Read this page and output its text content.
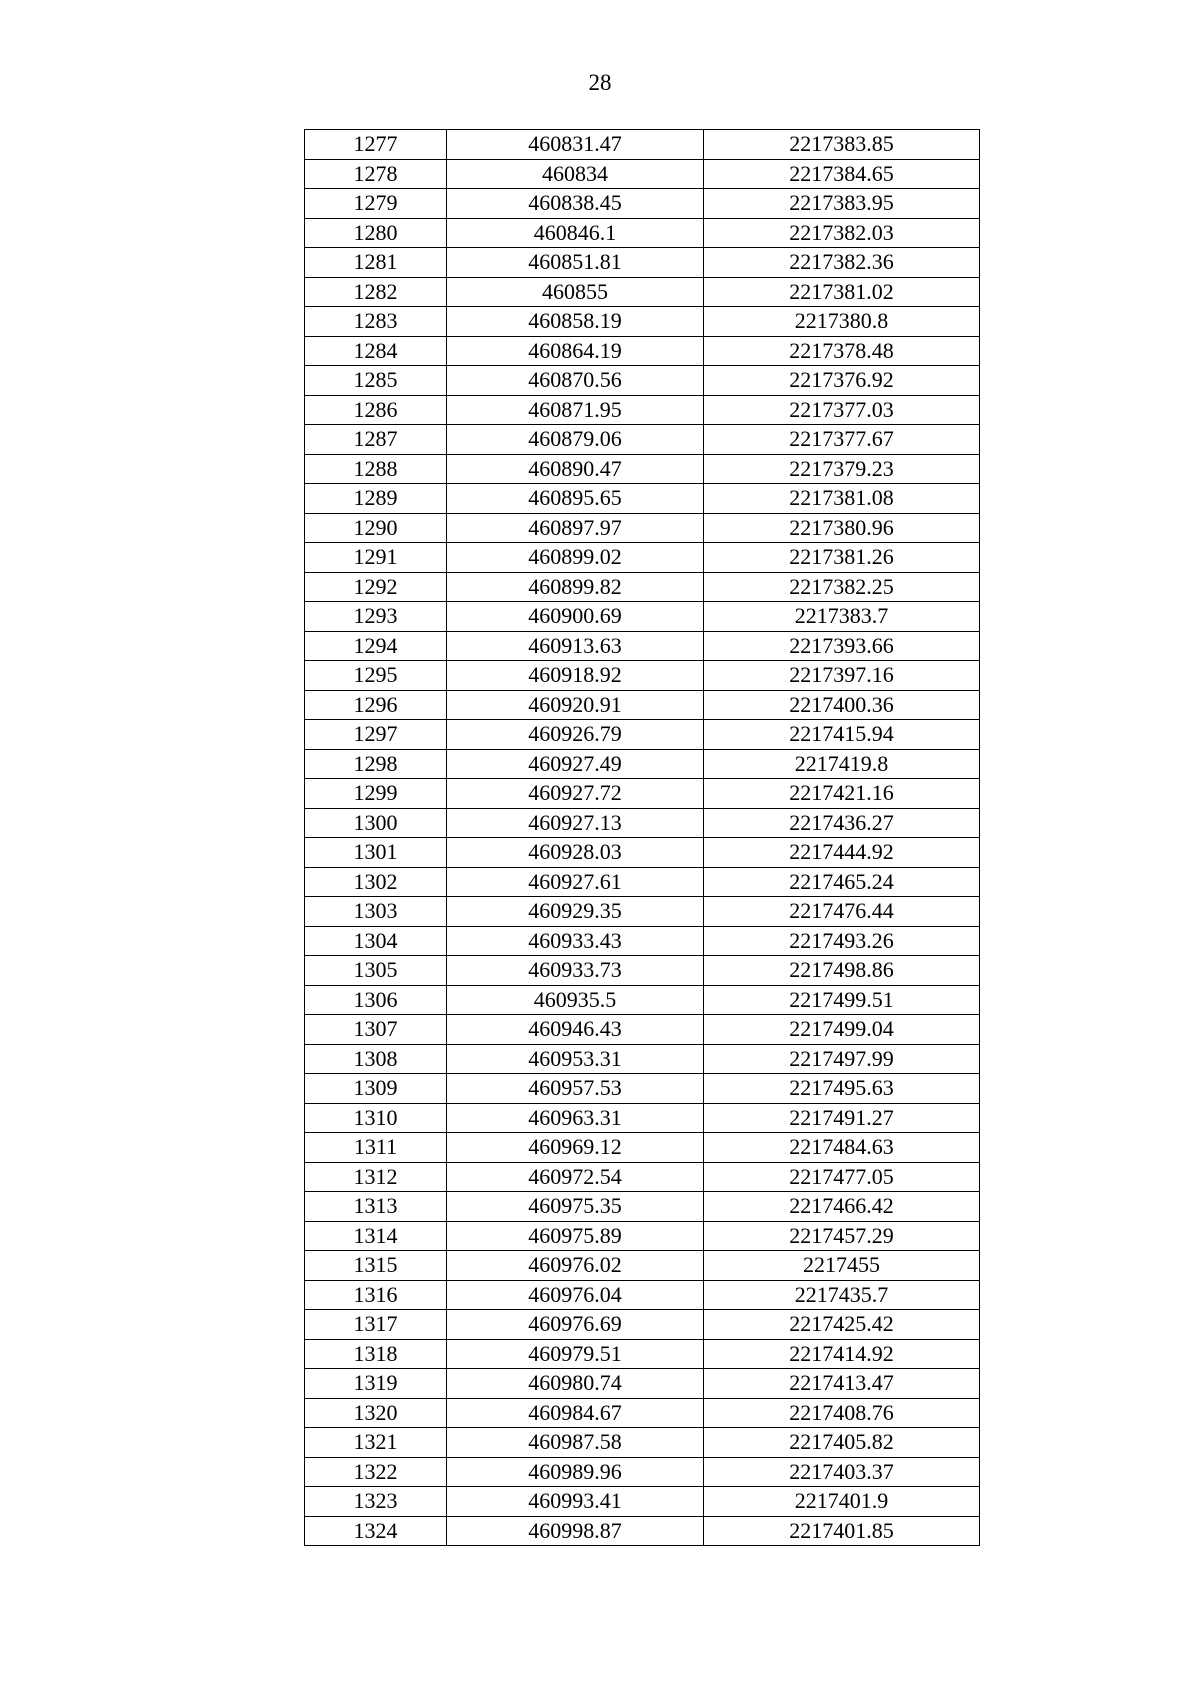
28
1277	460831.47	2217383.85
1278	460834	2217384.65
1279	460838.45	2217383.95
1280	460846.1	2217382.03
1281	460851.81	2217382.36
1282	460855	2217381.02
1283	460858.19	2217380.8
1284	460864.19	2217378.48
1285	460870.56	2217376.92
1286	460871.95	2217377.03
1287	460879.06	2217377.67
1288	460890.47	2217379.23
1289	460895.65	2217381.08
1290	460897.97	2217380.96
1291	460899.02	2217381.26
1292	460899.82	2217382.25
1293	460900.69	2217383.7
1294	460913.63	2217393.66
1295	460918.92	2217397.16
1296	460920.91	2217400.36
1297	460926.79	2217415.94
1298	460927.49	2217419.8
1299	460927.72	2217421.16
1300	460927.13	2217436.27
1301	460928.03	2217444.92
1302	460927.61	2217465.24
1303	460929.35	2217476.44
1304	460933.43	2217493.26
1305	460933.73	2217498.86
1306	460935.5	2217499.51
1307	460946.43	2217499.04
1308	460953.31	2217497.99
1309	460957.53	2217495.63
1310	460963.31	2217491.27
1311	460969.12	2217484.63
1312	460972.54	2217477.05
1313	460975.35	2217466.42
1314	460975.89	2217457.29
1315	460976.02	2217455
1316	460976.04	2217435.7
1317	460976.69	2217425.42
1318	460979.51	2217414.92
1319	460980.74	2217413.47
1320	460984.67	2217408.76
1321	460987.58	2217405.82
1322	460989.96	2217403.37
1323	460993.41	2217401.9
1324	460998.87	2217401.85
